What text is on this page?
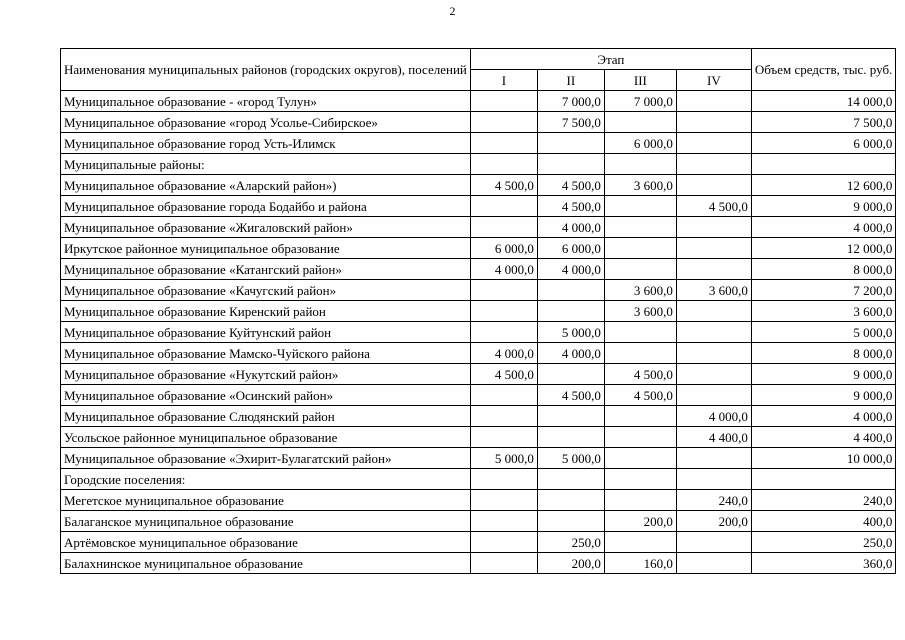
2
Наименования муниципальных районов (городских округов), поселений	Этап				Объем средств, тыс. руб.
	I	II	III	IV	
Муниципальное образование - «город Тулун»		7 000,0	7 000,0		14 000,0
Муниципальное образование «город Усолье-Сибирское»		7 500,0			7 500,0
Муниципальное образование город Усть-Илимск			6 000,0		6 000,0
Муниципальные районы:					
Муниципальное образование «Аларский район»)	4 500,0	4 500,0	3 600,0		12 600,0
Муниципальное образование города Бодайбо и района		4 500,0		4 500,0	9 000,0
Муниципальное образование «Жигаловский район»		4 000,0			4 000,0
Иркутское районное муниципальное образование	6 000,0	6 000,0			12 000,0
Муниципальное образование «Катангский район»	4 000,0	4 000,0			8 000,0
Муниципальное образование «Качугский район»			3 600,0	3 600,0	7 200,0
Муниципальное образование Киренский район			3 600,0		3 600,0
Муниципальное образование Куйтунский район		5 000,0			5 000,0
Муниципальное образование Мамско-Чуйского района	4 000,0	4 000,0			8 000,0
Муниципальное образование «Нукутский район»	4 500,0		4 500,0		9 000,0
Муниципальное образование «Осинский район»		4 500,0	4 500,0		9 000,0
Муниципальное образование Слюдянский район				4 000,0	4 000,0
Усольское районное муниципальное образование				4 400,0	4 400,0
Муниципальное образование «Эхирит-Булагатский район»	5 000,0	5 000,0			10 000,0
Городские поселения:					
Мегетское муниципальное образование				240,0	240,0
Балаганское муниципальное образование			200,0	200,0	400,0
Артёмовское муниципальное образование		250,0			250,0
Балахнинское муниципальное образование		200,0	160,0		360,0
